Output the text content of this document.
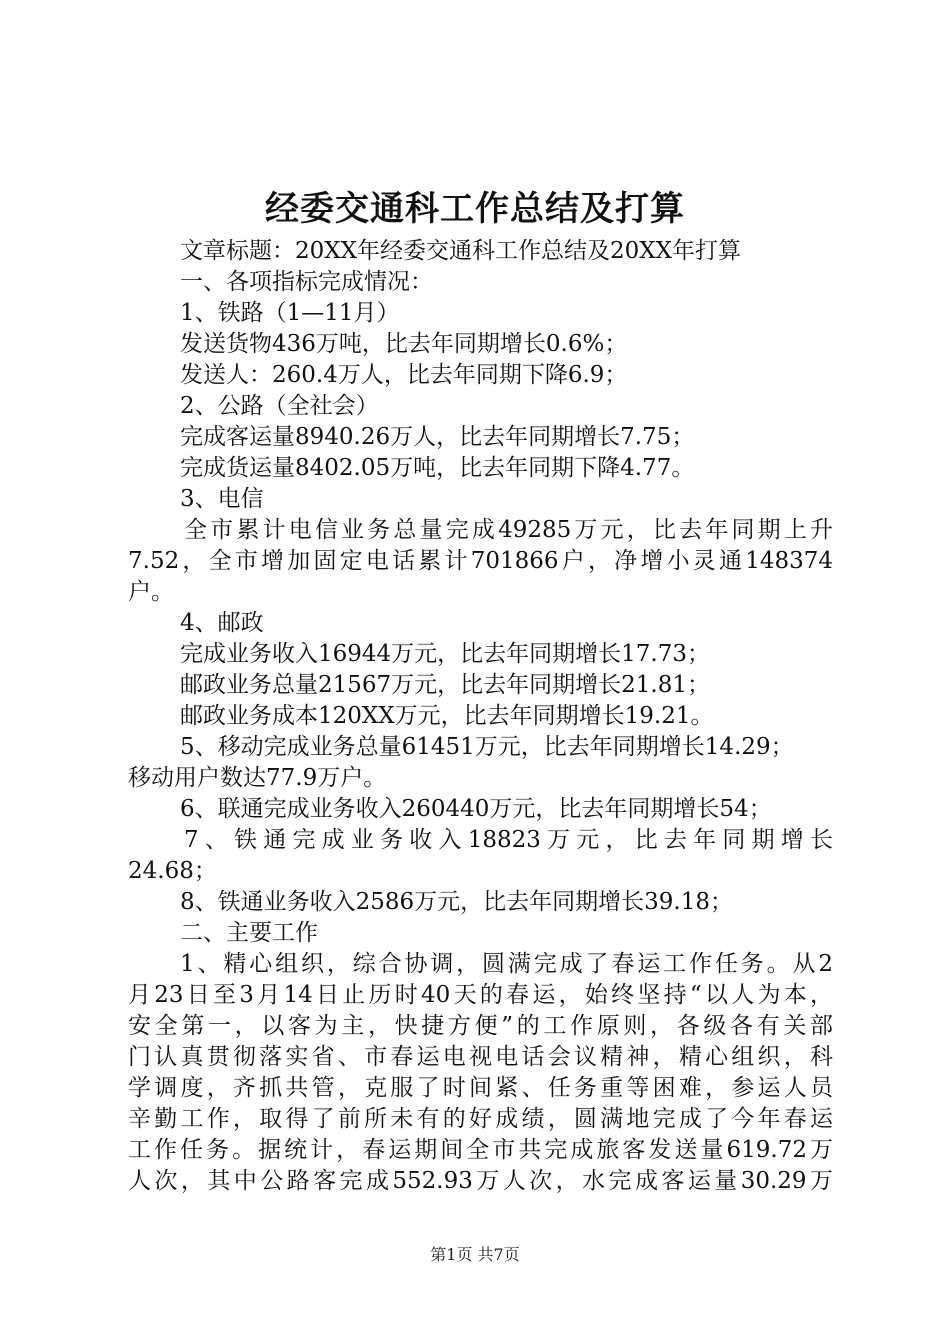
经委交通科工作总结及打算
文章标题：20XX年经委交通科工作总结及20XX年打算
一、各项指标完成情况：
1、铁路（1—11月）
发送货物436万吨，比去年同期增长0.6%；
发送人：260.4万人，比去年同期下降6.9；
2、公路（全社会）
完成客运量8940.26万人，比去年同期增长7.75；
完成货运量8402.05万吨，比去年同期下降4.77。
3、电信
全市累计电信业务总量完成49285万元，比去年同期上升
7.52，全市增加固定电话累计701866户，净增小灵通148374
户。
4、邮政
完成业务收入16944万元，比去年同期增长17.73；
邮政业务总量21567万元，比去年同期增长21.81；
邮政业务成本120XX万元，比去年同期增长19.21。
5、移动完成业务总量61451万元，比去年同期增长14.29；
移动用户数达77.9万户。
6、联通完成业务收入260440万元，比去年同期增长54；
7、铁通完成业务收入18823万元，比去年同期增长
24.68；
8、铁通业务收入2586万元，比去年同期增长39.18；
二、主要工作
1、精心组织，综合协调，圆满完成了春运工作任务。从2
月23日至3月14日止历时40天的春运，始终坚持“以人为本，
安全第一，以客为主，快捷方便”的工作原则，各级各有关部
门认真贯彻落实省、市春运电视电话会议精神，精心组织，科
学调度，齐抓共管，克服了时间紧、任务重等困难，参运人员
辛勤工作，取得了前所未有的好成绩，圆满地完成了今年春运
工作任务。据统计，春运期间全市共完成旅客发送量619.72万
人次，其中公路客完成552.93万人次，水完成客运量30.29万
第1页 共7页
